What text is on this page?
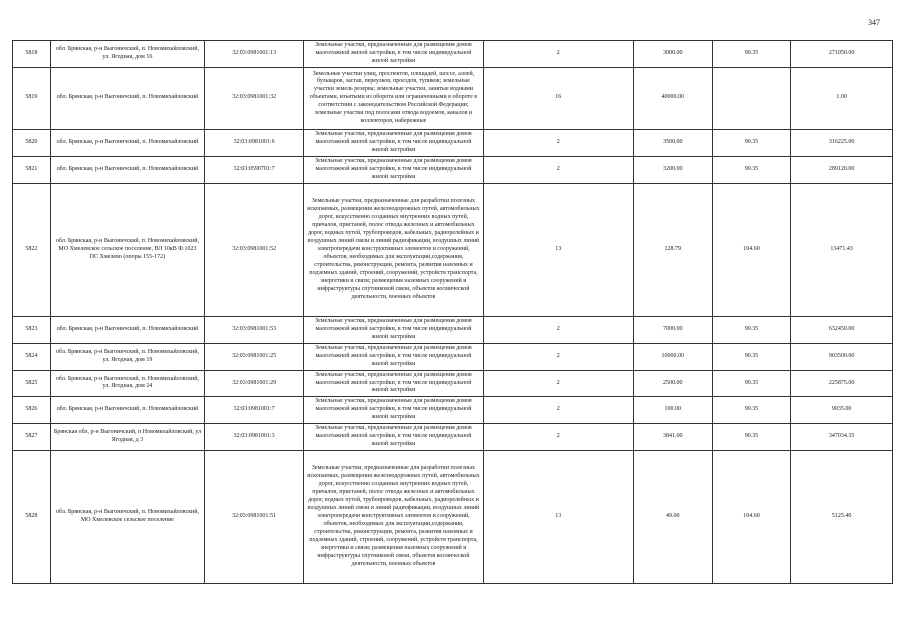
347
5818	обл. Брянская, р-н Выгоничский, п. Новомихайловский, ул. Ягодная, дом 16	32:03:0981001:13	Земельные участки, предназначенные для размещения домов малоэтажной жилой застройки, в том числе индивидуальной жилой застройки	2	3000.00	90.35	271050.00
5819	обл. Брянская, р-н Выгоничский, п. Новомихайловский	32:03:0981001:32	Земельные участки улиц, проспектов, площадей, шоссе, аллей, бульваров, застав, переулков, проездов, тупиков; земельные участки земель резерва; земельные участки, занятые водными объектами, изъятыми из оборота или ограниченными в обороте в соответствии с законодательством Российской Федерации; земельные участки под полосами отвода водоемов, каналов и коллекторов, набережные	16	40000.00		1.00
5820	обл. Брянская, р-н Выгоничский, п. Новомихайловский	32:03:0981001:6	Земельные участки, предназначенные для размещения домов малоэтажной жилой застройки, в том числе индивидуальной жилой застройки	2	3500.00	90.35	316225.00
5821	обл. Брянская, р-н Выгоничский, п. Новомихайловский	32:03:0590701:7	Земельные участки, предназначенные для размещения домов малоэтажной жилой застройки, в том числе индивидуальной жилой застройки	2	3200.00	90.35	289120.00
5822	обл. Брянская, р-н Выгоничский, п. Новомихайловский, МО Хмелевское сельское поселение, ВЛ 10кВ Ф.1023 ПС Хмелево (опоры 155-172)	32:03:0981001:52	Земельные участки, предназначенные для разработки полезных ископаемых, размещения железнодорожных путей, автомобильных дорог, искусственно созданных внутренних водных путей, причалов, пристаней, полос отвода железных и автомобильных дорог, водных путей, трубопроводов, кабельных, радиорелейных и воздушных линий связи и линий радиофикации, воздушных линий электропередачи конструктивных элементов и сооружений, объектов, необходимых для эксплуатации,содержания, строительства, реконструкции, ремонта, развития наземных и подземных зданий, строений, сооружений, устройств транспорта, энергетики и связи; размещения наземных сооружений и инфраструктуры спутниковой связи, объектов космической деятельности, военных объектов	13	128.79	104.60	13471.43
5823	обл. Брянская, р-н Выгоничский, п. Новомихайловский	32:03:0981001:53	Земельные участки, предназначенные для размещения домов малоэтажной жилой застройки, в том числе индивидуальной жилой застройки	2	7000.00	90.35	632450.00
5824	обл. Брянская, р-н Выгоничский, п. Новомихайловский, ул. Ягодная, дом 19	32:03:0981001:25	Земельные участки, предназначенные для размещения домов малоэтажной жилой застройки, в том числе индивидуальной жилой застройки	2	10000.00	90.35	903500.00
5825	обл. Брянская, р-н Выгоничский, п. Новомихайловский, ул. Ягодная, дом 24	32:03:0981001:29	Земельные участки, предназначенные для размещения домов малоэтажной жилой застройки, в том числе индивидуальной жилой застройки	2	2500.00	90.35	225875.00
5826	обл. Брянская, р-н Выгоничский, п. Новомихайловский	32:03:0981001:7	Земельные участки, предназначенные для размещения домов малоэтажной жилой застройки, в том числе индивидуальной жилой застройки	2	100.00	90.35	9035.00
5827	Брянская обл, р-н Выгоничский, п Новомихайловский, ул Ягодная, д 3	32:03:0981001:3	Земельные участки, предназначенные для размещения домов малоэтажной жилой застройки, в том числе индивидуальной жилой застройки	2	3841.00	90.35	347034.35
5828	обл. Брянская, р-н Выгоничский, п. Новомихайловский, МО Хмелевское сельское поселение	32:03:0981001:51	Земельные участки, предназначенные для разработки полезных ископаемых, размещения железнодорожных путей, автомобильных дорог, искусственно созданных внутренних водных путей, причалов, пристаней, полос отвода железных и автомобильных дорог, водных путей, трубопроводов, кабельных, радиорелейных и воздушных линий связи и линий радиофикации, воздушных линий электропередачи конструктивных элементов и сооружений, объектов, необходимых для эксплуатации,содержания, строительства, реконструкции, ремонта, развития наземных и подземных зданий, строений, сооружений, устройств транспорта, энергетики и связи; размещения наземных сооружений и инфраструктуры спутниковой связи, объектов космической деятельности, военных объектов	13	49.00	104.60	5125.40
